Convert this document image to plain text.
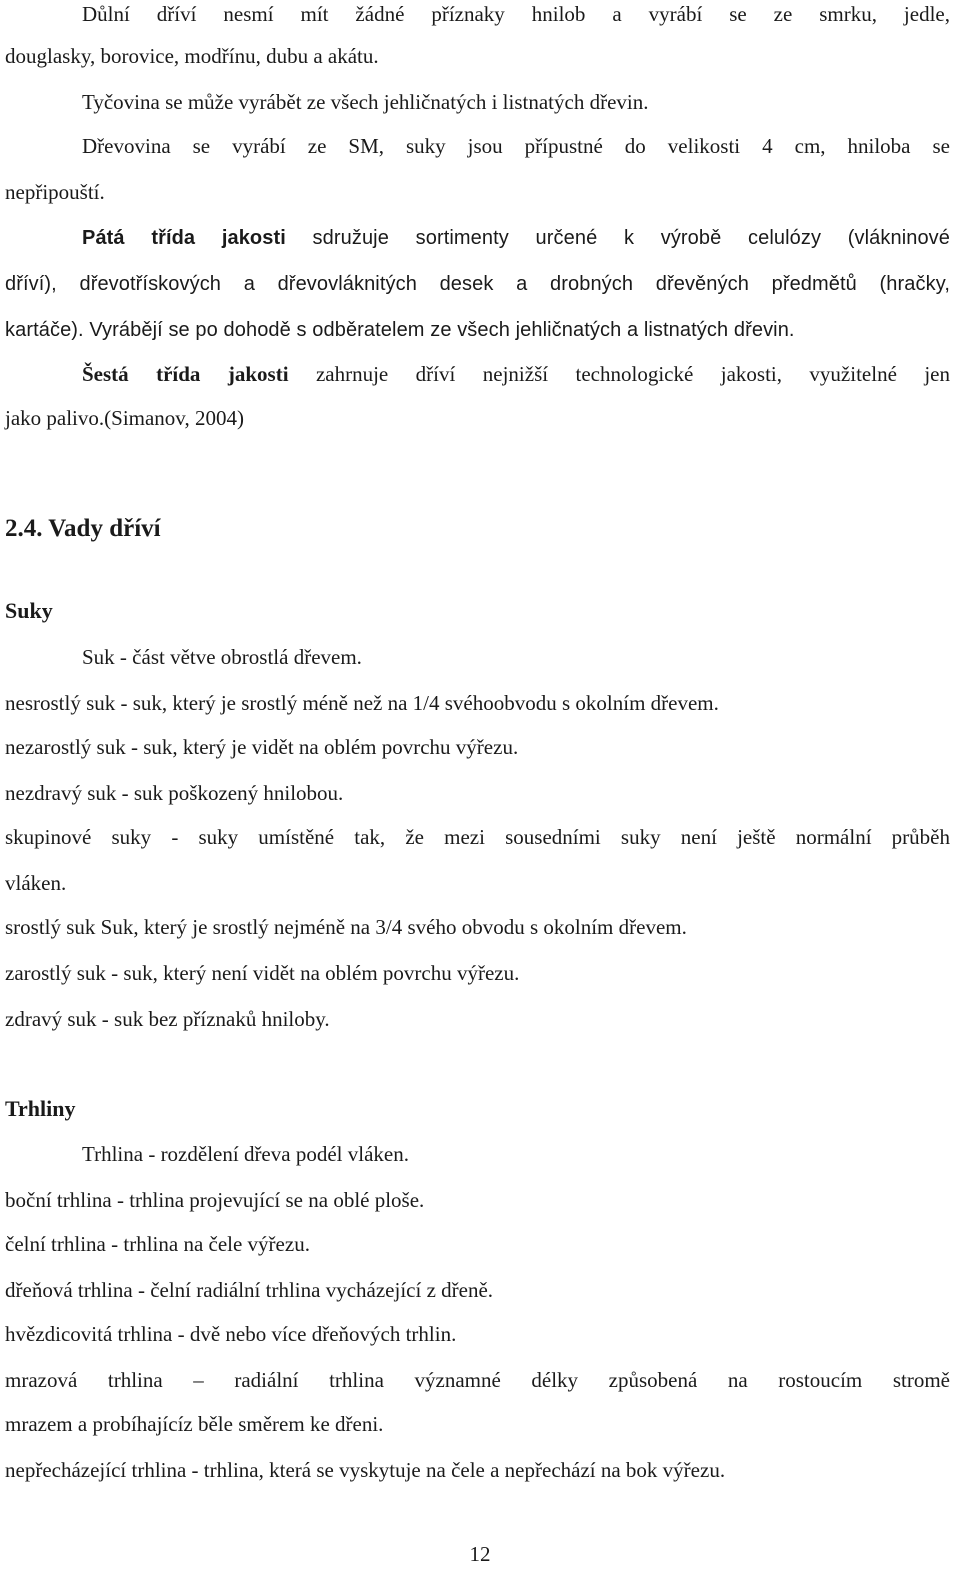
Důlní dříví nesmí mít žádné příznaky hnilob a vyrábí se ze smrku, jedle,
douglasky, borovice, modřínu, dubu a akátu.
Tyčovina se může vyrábět ze všech jehličnatých i listnatých dřevin.
Dřevovina se vyrábí ze SM, suky jsou přípustné do velikosti 4 cm, hniloba se
nepřipouští.
Pátá třída jakosti sdružuje sortimenty určené k výrobě celulózy (vlákninové
dříví), dřevotřískových a dřevovláknitých desek a drobných dřevěných předmětů (hračky,
kartáče). Vyrábějí se po dohodě s odběratelem ze všech jehličnatých a listnatých dřevin.
Šestá třída jakosti zahrnuje dříví nejnižší technologické jakosti, využitelné jen
jako palivo.(Simanov, 2004)
2.4. Vady dříví
Suky
Suk - část větve obrostlá dřevem.
nesrostlý suk - suk, který je srostlý méně než na 1/4 svéhoobvodu s okolním dřevem.
nezarostlý suk - suk, který je vidět na oblém povrchu výřezu.
nezdravý suk - suk poškozený hnilobou.
skupinové suky - suky umístěné tak, že mezi sousedními suky není ještě normální průběh
vláken.
srostlý suk Suk, který je srostlý nejméně na 3/4 svého obvodu s okolním dřevem.
zarostlý suk - suk, který není vidět na oblém povrchu výřezu.
zdravý suk - suk bez příznaků hniloby.
Trhliny
Trhlina - rozdělení dřeva podél vláken.
boční trhlina - trhlina projevující se na oblé ploše.
čelní trhlina - trhlina na čele výřezu.
dřeňová trhlina - čelní radiální trhlina vycházející z dřeně.
hvězdicovitá trhlina - dvě nebo více dřeňových trhlin.
mrazová trhlina – radiální trhlina významné délky způsobená na rostoucím stromě
mrazem a probíhajícíz běle směrem ke dřeni.
nepřecházející trhlina - trhlina, která se vyskytuje na čele a nepřechází na bok výřezu.
12
